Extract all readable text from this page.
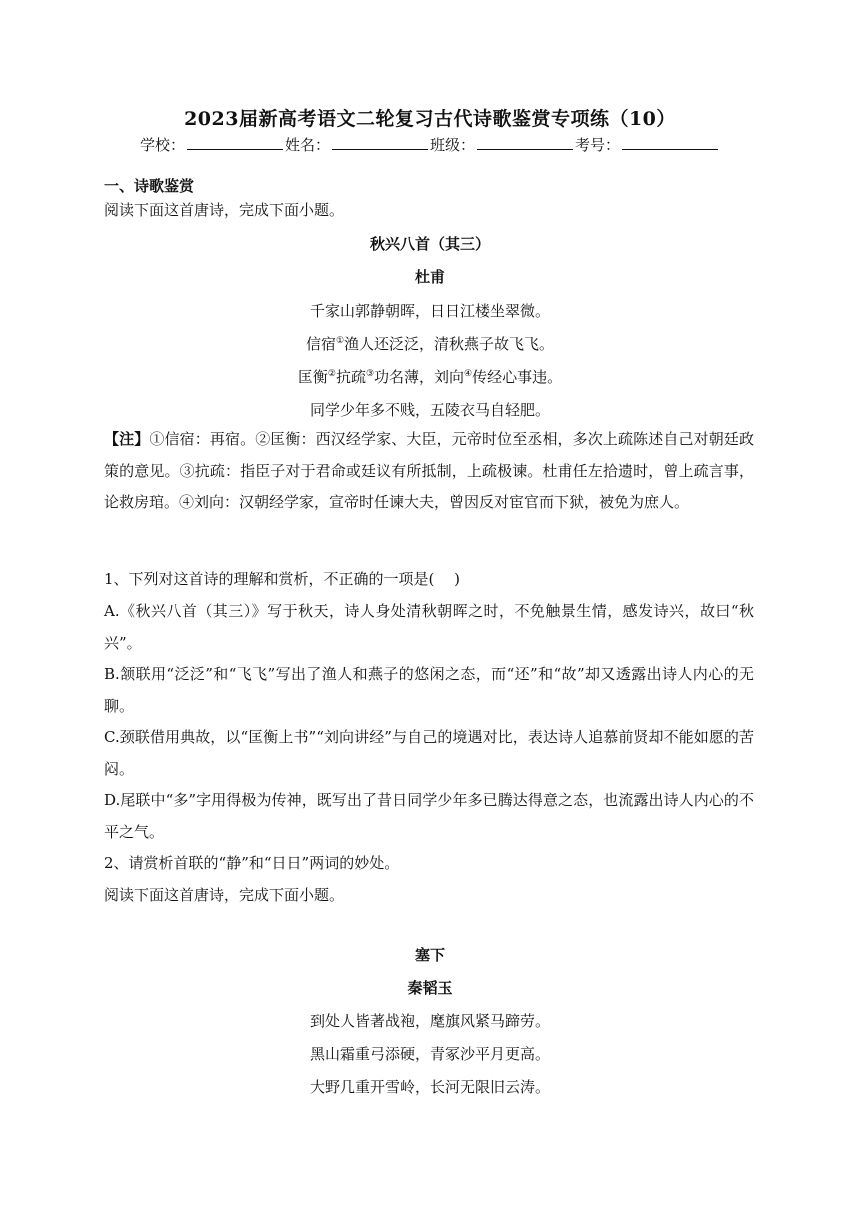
2023届新高考语文二轮复习古代诗歌鉴赏专项练（10）
学校：	姓名：	班级：	考号：
一、诗歌鉴赏
阅读下面这首唐诗，完成下面小题。
秋兴八首（其三）
杜甫
千家山郭静朝晖，日日江楼坐翠微。
信宿①渔人还泛泛，清秋燕子故飞飞。
匡衡②抗疏③功名薄，刘向④传经心事违。
同学少年多不贱，五陵衣马自轻肥。
【注】①信宿：再宿。②匡衡：西汉经学家、大臣，元帝时位至丞相，多次上疏陈述自己对朝廷政策的意见。③抗疏：指臣子对于君命或廷议有所抵制，上疏极谏。杜甫任左拾遗时，曾上疏言事，论救房琯。④刘向：汉朝经学家，宣帝时任谏大夫，曾因反对宦官而下狱，被免为庶人。
1、下列对这首诗的理解和赏析，不正确的一项是(　 )
A.《秋兴八首（其三）》写于秋天，诗人身处清秋朝晖之时，不免触景生情，感发诗兴，故曰“秋兴”。
B.颔联用“泛泛”和“飞飞”写出了渔人和燕子的悠闲之态，而“还”和“故”却又透露出诗人内心的无聊。
C.颈联借用典故，以“匡衡上书”“刘向讲经”与自己的境遇对比，表达诗人追慕前贤却不能如愿的苦闷。
D.尾联中“多”字用得极为传神，既写出了昔日同学少年多已腾达得意之态，也流露出诗人内心的不平之气。
2、请赏析首联的“静”和“日日”两词的妙处。
阅读下面这首唐诗，完成下面小题。
塞下
秦韬玉
到处人皆著战袍，麾旗风紧马蹄劳。
黑山霜重弓添硬，青冢沙平月更高。
大野几重开雪岭，长河无限旧云涛。
